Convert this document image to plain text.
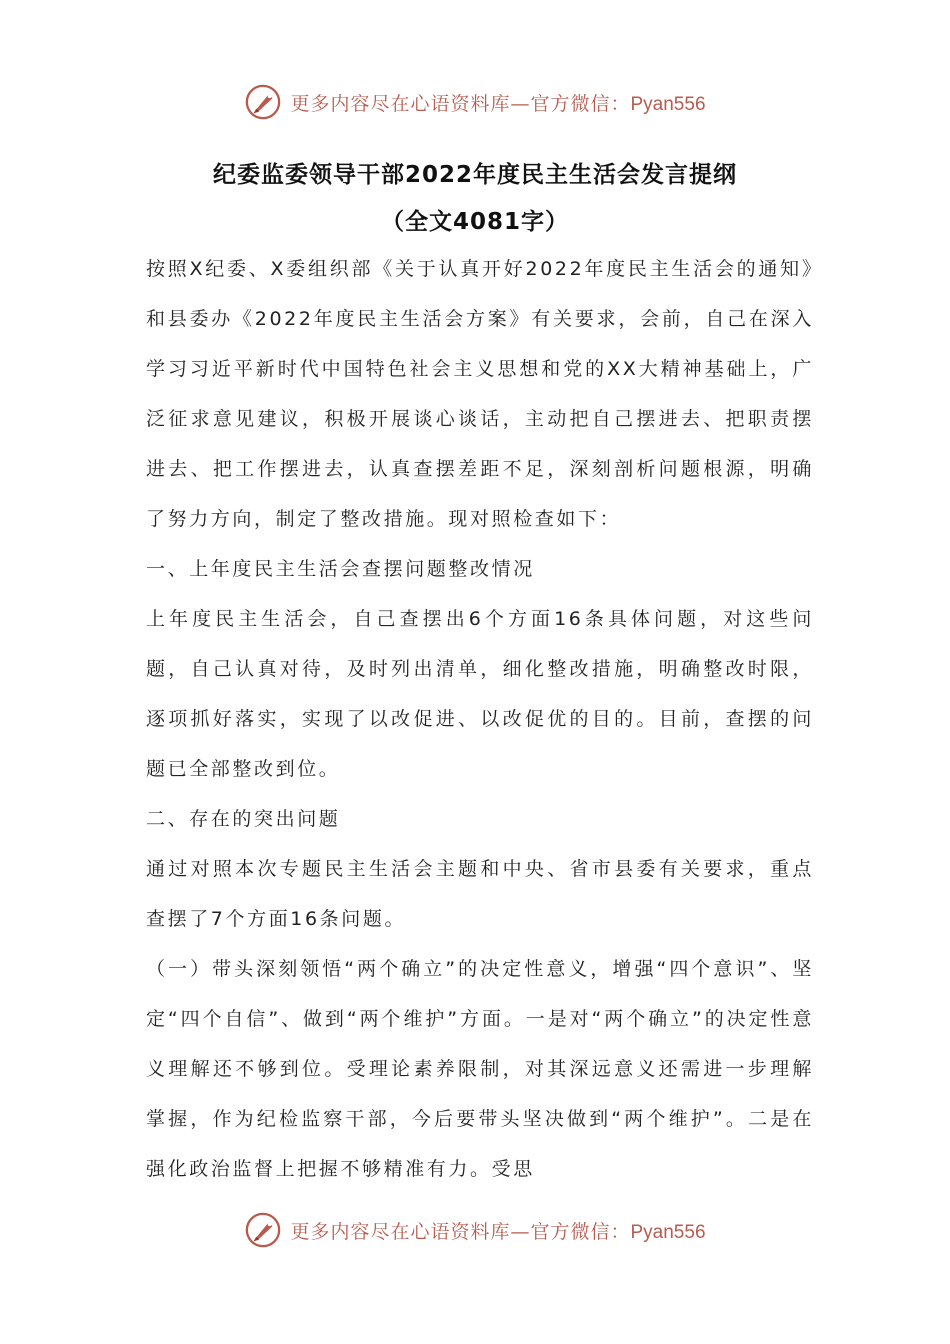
更多内容尽在心语资料库—官方微信：Pyan556
纪委监委领导干部2022年度民主生活会发言提纲
（全文4081字）

按照X纪委、X委组织部《关于认真开好2022年度民主生活会的通知》和县委办《2022年度民主生活会方案》有关要求，会前，自己在深入学习习近平新时代中国特色社会主义思想和党的XX大精神基础上，广泛征求意见建议，积极开展谈心谈话，主动把自己摆进去、把职责摆进去、把工作摆进去，认真查摆差距不足，深刻剖析问题根源，明确了努力方向，制定了整改措施。现对照检查如下：

一、上年度民主生活会查摆问题整改情况

上年度民主生活会，自己查摆出6个方面16条具体问题，对这些问题，自己认真对待，及时列出清单，细化整改措施，明确整改时限，逐项抓好落实，实现了以改促进、以改促优的目的。目前，查摆的问题已全部整改到位。

二、存在的突出问题

通过对照本次专题民主生活会主题和中央、省市县委有关要求，重点查摆了7个方面16条问题。

（一）带头深刻领悟“两个确立”的决定性意义，增强“四个意识”、坚定“四个自信”、做到“两个维护”方面。一是对“两个确立”的决定性意义理解还不够到位。受理论素养限制，对其深远意义还需进一步理解掌握，作为纪检监察干部，今后要带头坚决做到“两个维护”。二是在强化政治监督上把握不够精准有力。受思

更多内容尽在心语资料库—官方微信：Pyan556
